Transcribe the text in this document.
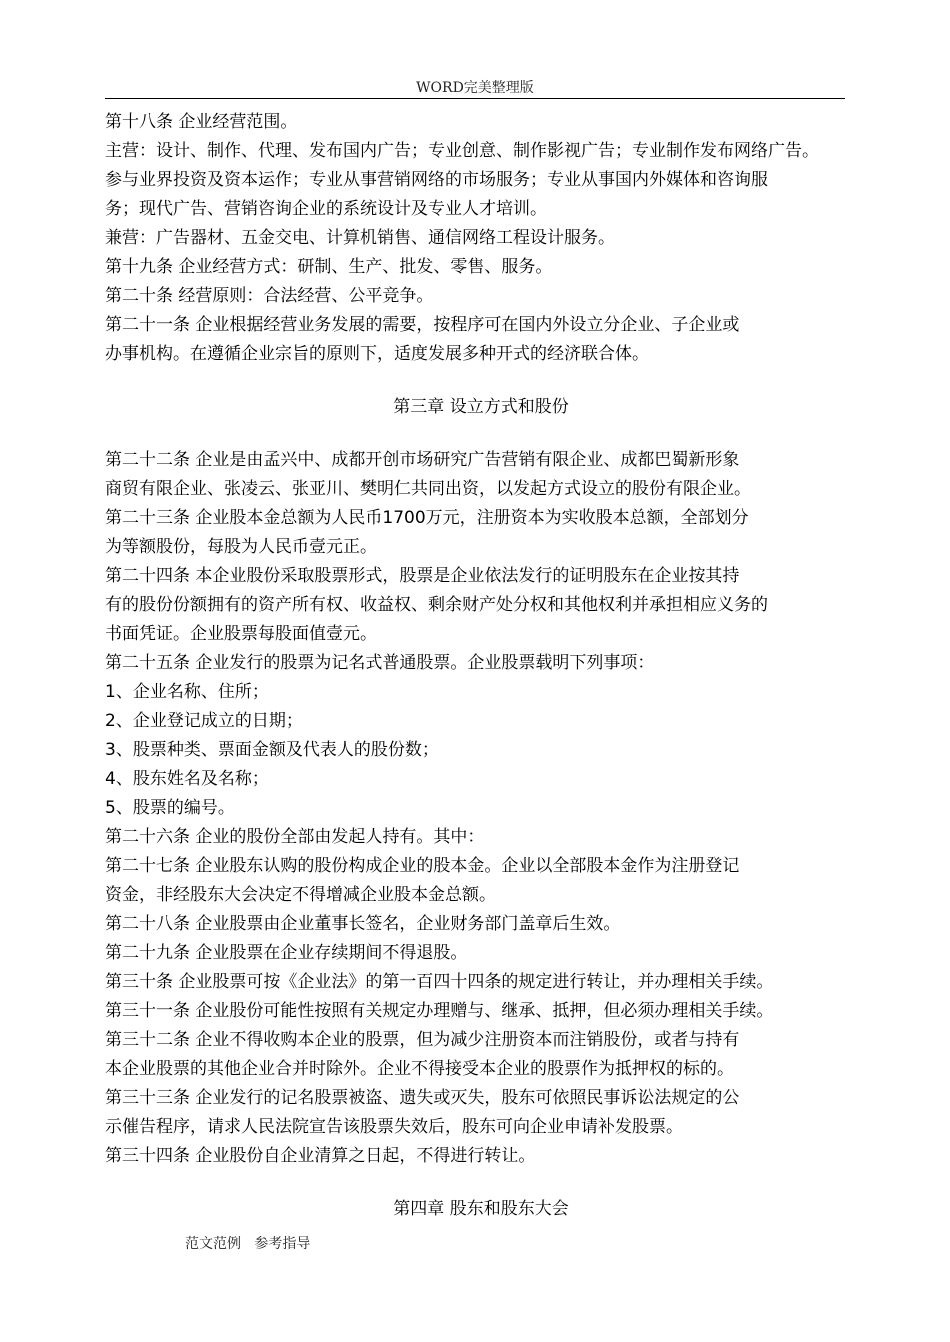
WORD完美整理版

第十八条 企业经营范围。

主营：设计、制作、代理、发布国内广告；专业创意、制作影视广告；专业制作发布网络广告。

参与业界投资及资本运作；专业从事营销网络的市场服务；专业从事国内外媒体和咨询服

务；现代广告、营销咨询企业的系统设计及专业人才培训。

兼营：广告器材、五金交电、计算机销售、通信网络工程设计服务。

第十九条 企业经营方式：研制、生产、批发、零售、服务。

第二十条 经营原则：合法经营、公平竞争。

第二十一条 企业根据经营业务发展的需要，按程序可在国内外设立分企业、子企业或

办事机构。在遵循企业宗旨的原则下，适度发展多种开式的经济联合体。

第三章 设立方式和股份

第二十二条 企业是由孟兴中、成都开创市场研究广告营销有限企业、成都巴蜀新形象

商贸有限企业、张凌云、张亚川、樊明仁共同出资，以发起方式设立的股份有限企业。

第二十三条 企业股本金总额为人民币1700万元，注册资本为实收股本总额，全部划分

为等额股份，每股为人民币壹元正。

第二十四条 本企业股份采取股票形式，股票是企业依法发行的证明股东在企业按其持

有的股份份额拥有的资产所有权、收益权、剩余财产处分权和其他权利并承担相应义务的

书面凭证。企业股票每股面值壹元。

第二十五条 企业发行的股票为记名式普通股票。企业股票载明下列事项：

1、企业名称、住所；

2、企业登记成立的日期；

3、股票种类、票面金额及代表人的股份数；

4、股东姓名及名称；

5、股票的编号。

第二十六条 企业的股份全部由发起人持有。其中：

第二十七条 企业股东认购的股份构成企业的股本金。企业以全部股本金作为注册登记

资金，非经股东大会决定不得增减企业股本金总额。

第二十八条 企业股票由企业董事长签名，企业财务部门盖章后生效。

第二十九条 企业股票在企业存续期间不得退股。

第三十条 企业股票可按《企业法》的第一百四十四条的规定进行转让，并办理相关手续。

第三十一条 企业股份可能性按照有关规定办理赠与、继承、抵押，但必须办理相关手续。

第三十二条 企业不得收购本企业的股票，但为减少注册资本而注销股份，或者与持有

本企业股票的其他企业合并时除外。企业不得接受本企业的股票作为抵押权的标的。

第三十三条 企业发行的记名股票被盗、遗失或灭失，股东可依照民事诉讼法规定的公

示催告程序，请求人民法院宣告该股票失效后，股东可向企业申请补发股票。

第三十四条 企业股份自企业清算之日起，不得进行转让。

第四章 股东和股东大会

范文范例   参考指导
